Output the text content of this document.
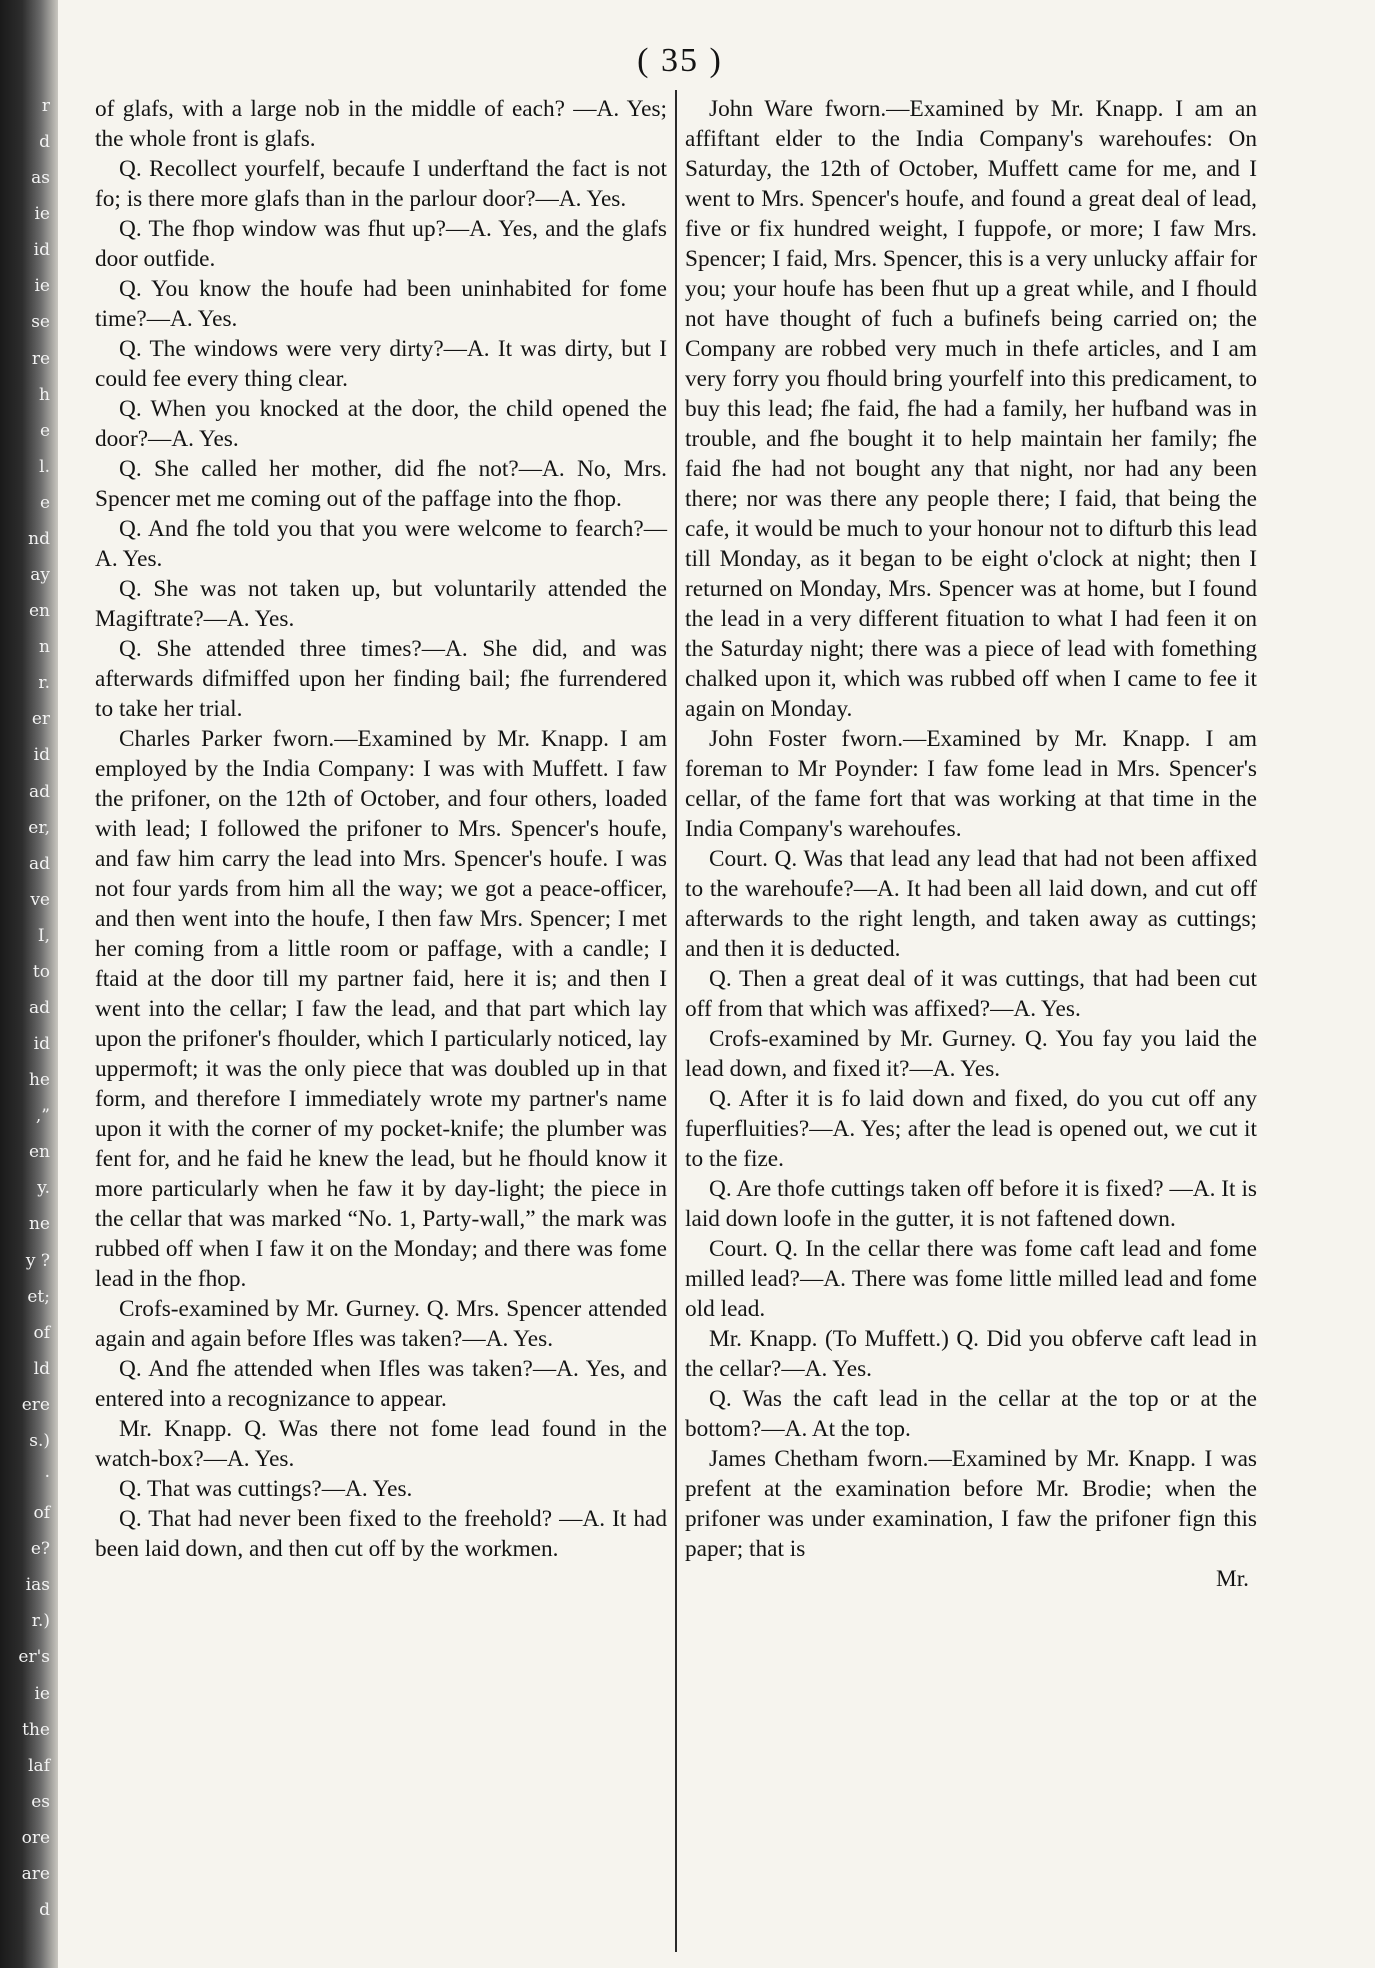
r
d
as
ie
id
ie
se
re
h
e
l.
e
nd
ay
en
n
r.
er
id
ad
er,
ad
ve
I,
to
ad
id
he
,”
en
y.
ne
y ?
et;
of
ld
ere
s.)
·
of
e?
ias
r.)
er's
ie
the
laf
es
ore
are
d
( 35 )

of glafs, with a large nob in the middle of each? —A. Yes; the whole front is glafs.

Q. Recollect yourfelf, becaufe I underftand the fact is not fo; is there more glafs than in the parlour door?—A. Yes.

Q. The fhop window was fhut up?—A. Yes, and the glafs door outfide.

Q. You know the houfe had been uninhabited for fome time?—A. Yes.

Q. The windows were very dirty?—A. It was dirty, but I could fee every thing clear.

Q. When you knocked at the door, the child opened the door?—A. Yes.

Q. She called her mother, did fhe not?—A. No, Mrs. Spencer met me coming out of the paffage into the fhop.

Q. And fhe told you that you were welcome to fearch?—A. Yes.

Q. She was not taken up, but voluntarily attended the Magiftrate?—A. Yes.

Q. She attended three times?—A. She did, and was afterwards difmiffed upon her finding bail; fhe furrendered to take her trial.

Charles Parker fworn.—Examined by Mr. Knapp. I am employed by the India Company: I was with Muffett. I faw the prifoner, on the 12th of October, and four others, loaded with lead; I followed the prifoner to Mrs. Spencer's houfe, and faw him carry the lead into Mrs. Spencer's houfe. I was not four yards from him all the way; we got a peace-officer, and then went into the houfe, I then faw Mrs. Spencer; I met her coming from a little room or paffage, with a candle; I ftaid at the door till my partner faid, here it is; and then I went into the cellar; I faw the lead, and that part which lay upon the prifoner's fhoulder, which I particularly noticed, lay uppermoft; it was the only piece that was doubled up in that form, and therefore I immediately wrote my partner's name upon it with the corner of my pocket-knife; the plumber was fent for, and he faid he knew the lead, but he fhould know it more particularly when he faw it by day-light; the piece in the cellar that was marked “No. 1, Party-wall,” the mark was rubbed off when I faw it on the Monday; and there was fome lead in the fhop.

Crofs-examined by Mr. Gurney. Q. Mrs. Spencer attended again and again before Ifles was taken?—A. Yes.

Q. And fhe attended when Ifles was taken?—A. Yes, and entered into a recognizance to appear.

Mr. Knapp. Q. Was there not fome lead found in the watch-box?—A. Yes.

Q. That was cuttings?—A. Yes.

Q. That had never been fixed to the freehold? —A. It had been laid down, and then cut off by the workmen.

John Ware fworn.—Examined by Mr. Knapp. I am an affiftant elder to the India Company's warehoufes: On Saturday, the 12th of October, Muffett came for me, and I went to Mrs. Spencer's houfe, and found a great deal of lead, five or fix hundred weight, I fuppofe, or more; I faw Mrs. Spencer; I faid, Mrs. Spencer, this is a very unlucky affair for you; your houfe has been fhut up a great while, and I fhould not have thought of fuch a bufinefs being carried on; the Company are robbed very much in thefe articles, and I am very forry you fhould bring yourfelf into this predicament, to buy this lead; fhe faid, fhe had a family, her hufband was in trouble, and fhe bought it to help maintain her family; fhe faid fhe had not bought any that night, nor had any been there; nor was there any people there; I faid, that being the cafe, it would be much to your honour not to difturb this lead till Monday, as it began to be eight o'clock at night; then I returned on Monday, Mrs. Spencer was at home, but I found the lead in a very different fituation to what I had feen it on the Saturday night; there was a piece of lead with fomething chalked upon it, which was rubbed off when I came to fee it again on Monday.

John Foster fworn.—Examined by Mr. Knapp. I am foreman to Mr Poynder: I faw fome lead in Mrs. Spencer's cellar, of the fame fort that was working at that time in the India Company's warehoufes.

Court. Q. Was that lead any lead that had not been affixed to the warehoufe?—A. It had been all laid down, and cut off afterwards to the right length, and taken away as cuttings; and then it is deducted.

Q. Then a great deal of it was cuttings, that had been cut off from that which was affixed?—A. Yes.

Crofs-examined by Mr. Gurney. Q. You fay you laid the lead down, and fixed it?—A. Yes.

Q. After it is fo laid down and fixed, do you cut off any fuperfluities?—A. Yes; after the lead is opened out, we cut it to the fize.

Q. Are thofe cuttings taken off before it is fixed? —A. It is laid down loofe in the gutter, it is not faftened down.

Court. Q. In the cellar there was fome caft lead and fome milled lead?—A. There was fome little milled lead and fome old lead.

Mr. Knapp. (To Muffett.) Q. Did you obferve caft lead in the cellar?—A. Yes.

Q. Was the caft lead in the cellar at the top or at the bottom?—A. At the top.

James Chetham fworn.—Examined by Mr. Knapp. I was prefent at the examination before Mr. Brodie; when the prifoner was under examination, I faw the prifoner fign this paper; that is

Mr.
